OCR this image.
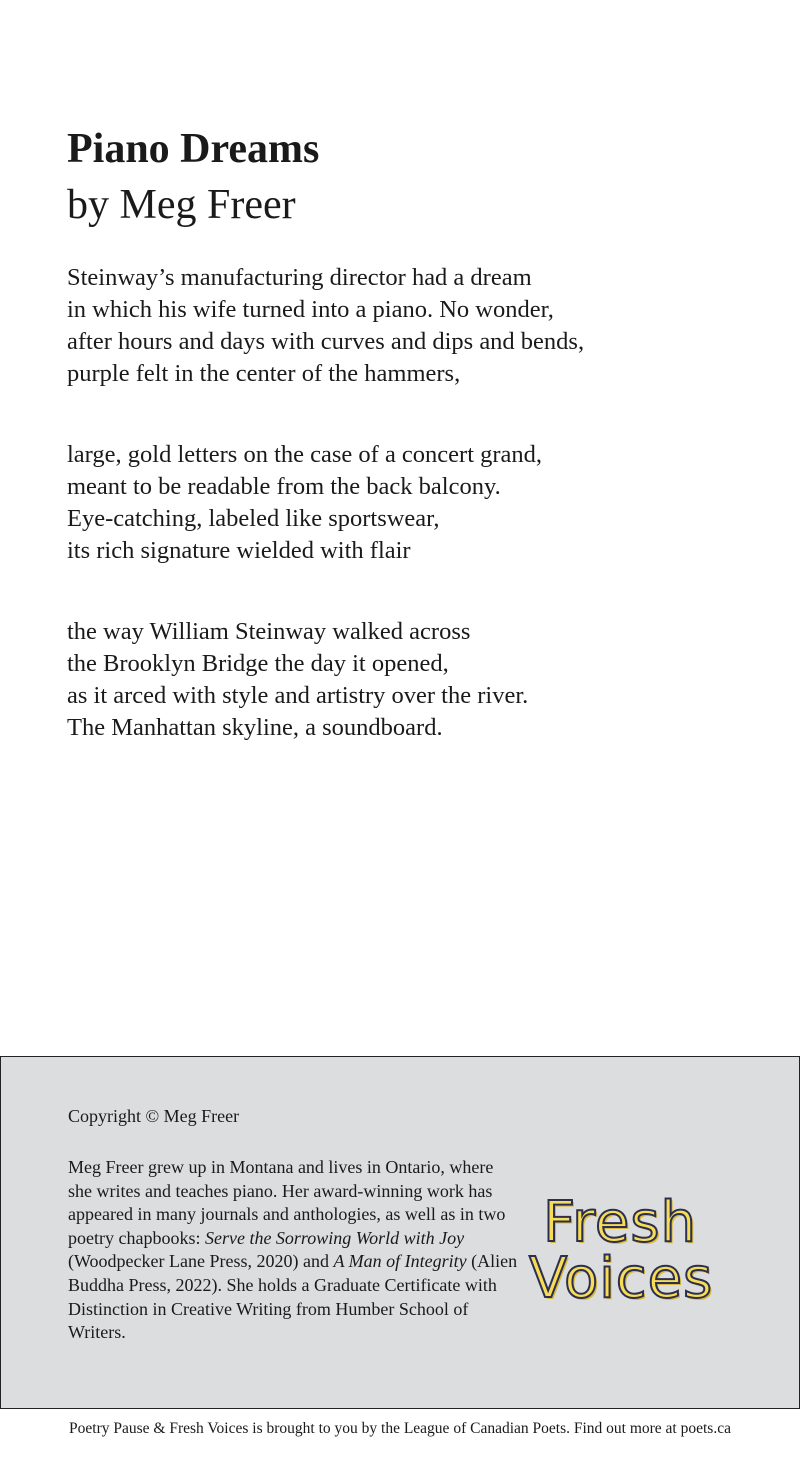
Piano Dreams
by Meg Freer
Steinway’s manufacturing director had a dream
in which his wife turned into a piano. No wonder,
after hours and days with curves and dips and bends,
purple felt in the center of the hammers,
large, gold letters on the case of a concert grand,
meant to be readable from the back balcony.
Eye-catching, labeled like sportswear,
its rich signature wielded with flair
the way William Steinway walked across
the Brooklyn Bridge the day it opened,
as it arced with style and artistry over the river.
The Manhattan skyline, a soundboard.
Copyright © Meg Freer
Meg Freer grew up in Montana and lives in Ontario, where she writes and teaches piano. Her award-winning work has appeared in many journals and anthologies, as well as in two poetry chapbooks: Serve the Sorrowing World with Joy (Woodpecker Lane Press, 2020) and A Man of Integrity (Alien Buddha Press, 2022). She holds a Graduate Certificate with Distinction in Creative Writing from Humber School of Writers.
Fresh
Voices
Poetry Pause & Fresh Voices is brought to you by the League of Canadian Poets. Find out more at poets.ca
